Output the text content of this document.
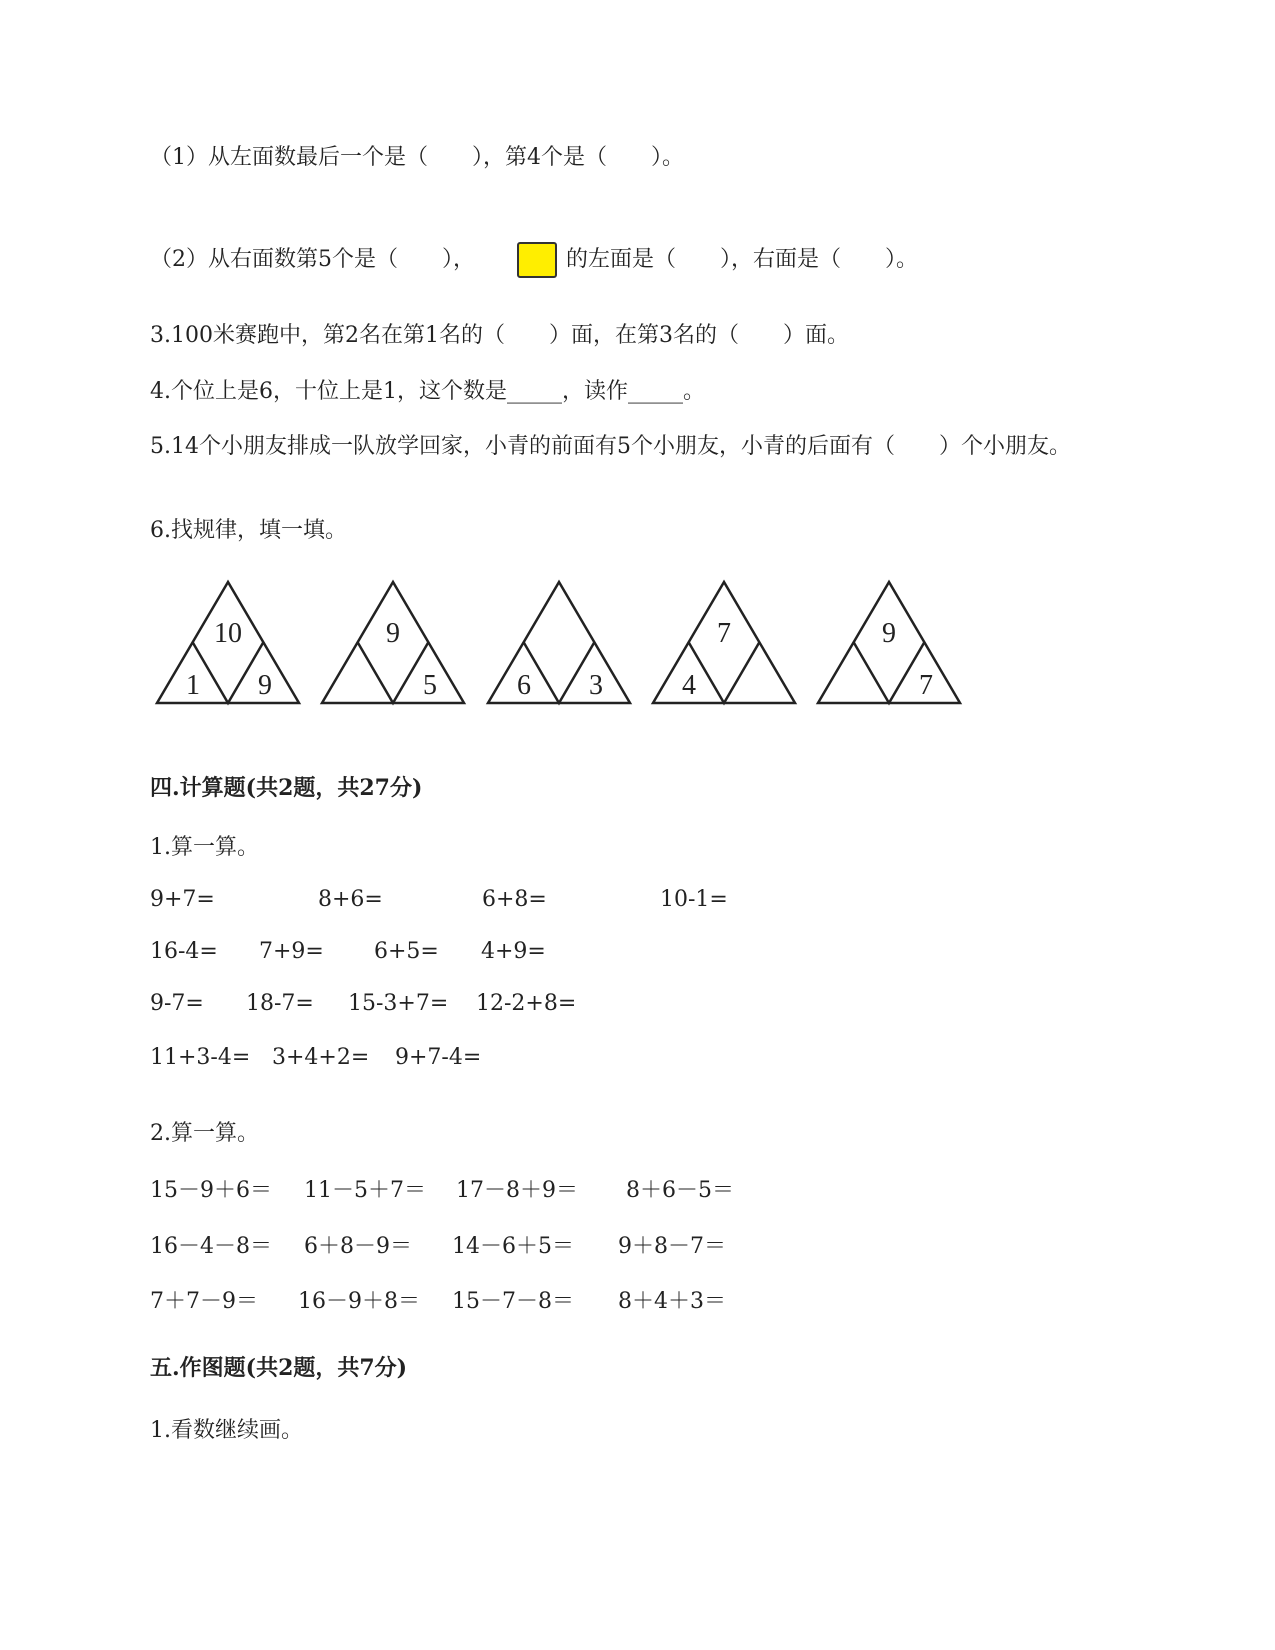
（1）从左面数最后一个是（　　），第4个是（　　）。
（2）从右面数第5个是（　　），	的左面是（　　），右面是（　　）。
3.100米赛跑中，第2名在第1名的（　　）面，在第3名的（　　）面。
4.个位上是6，十位上是1，这个数是_____，读作_____。
5.14个小朋友排成一队放学回家，小青的前面有5个小朋友，小青的后面有（　　）个小朋友。
6.找规律，填一填。
10
1 9
9
5	6 3
7
4
9
7
四.计算题(共2题，共27分)
1.算一算。
9+7=	8+6=	6+8=	10-1=
16-4= 7+9= 6+5= 4+9=
9-7= 18-7= 15-3+7= 12-2+8=
11+3-4= 3+4+2= 9+7-4=
2.算一算。
15－9＋6＝ 11－5＋7＝ 17－8＋9＝ 8＋6－5＝
16－4－8＝ 6＋8－9＝ 14－6＋5＝ 9＋8－7＝
7＋7－9＝ 16－9＋8＝ 15－7－8＝ 8＋4＋3＝
五.作图题(共2题，共7分)
1.看数继续画。
